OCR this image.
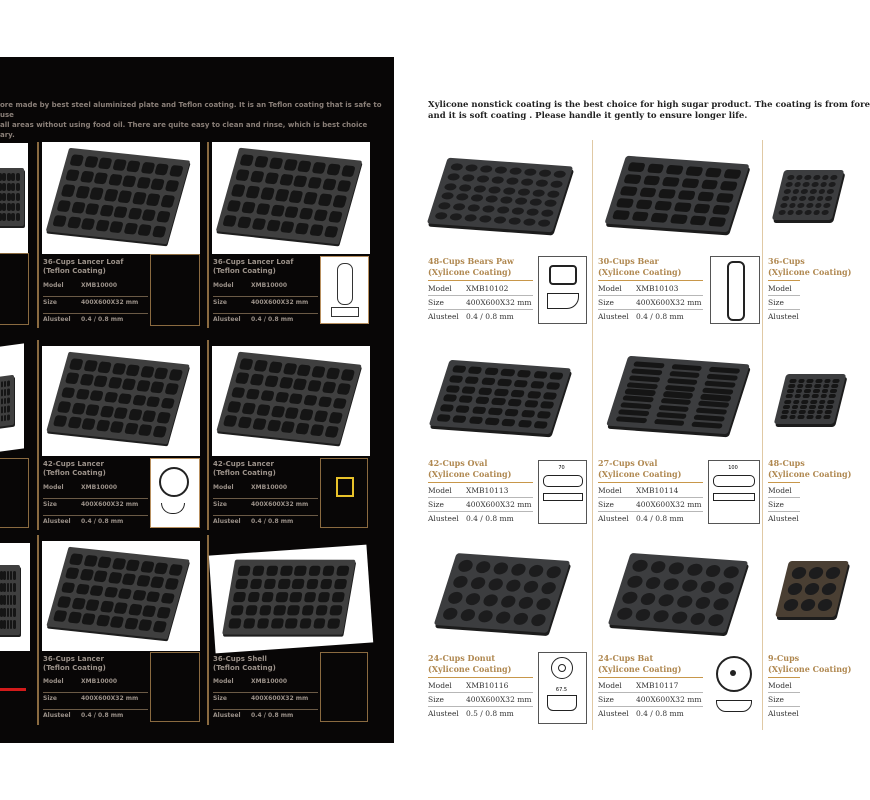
ore made by best steel aluminized plate and Teflon coating. It is an Teflon coating that is safe to use
all areas without using food oil. There are quite easy to clean and rinse, which is best choice
ary.
36-Cups Lancer Loaf
(Teflon Coating)
Model	XMB10000
Size	400X600X32 mm
Alusteel 0.4 / 0.8 mm
36-Cups Lancer Loaf
(Teflon Coating)
Model	XMB10000
Size	400X600X32 mm
Alusteel 0.4 / 0.8 mm
42-Cups Lancer
(Teflon Coating)
Model	XMB10000
Size	400X600X32 mm
Alusteel 0.4 / 0.8 mm
42-Cups Lancer
(Teflon Coating)
Model	XMB10000
Size	400X600X32 mm
Alusteel 0.4 / 0.8 mm
36-Cups Lancer
(Teflon Coating)
Model	XMB10000
Size	400X600X32 mm
Alusteel 0.4 / 0.8 mm
36-Cups Shell
(Teflon Coating)
Model	XMB10000
Size	400X600X32 mm
Alusteel 0.4 / 0.8 mm
Xylicone nonstick coating is the best choice for high sugar product. The coating is from fore
and it is soft coating . Please handle it gently to ensure longer life.
48-Cups Bears Paw
(Xylicone Coating)
Model XMB10102
Size	400X600X32 mm
Alusteel 0.4 / 0.8 mm
30-Cups Bear
(Xylicone Coating)
Model XMB10103
Size	400X600X32 mm
Alusteel 0.4 / 0.8 mm
36-Cups
(Xylicone Coating)
Model
Size
Alusteel
42-Cups Oval
(Xylicone Coating)
Model XMB10113
Size	400X600X32 mm
Alusteel 0.4 / 0.8 mm
70	27-Cups Oval
(Xylicone Coating)
Model XMB10114
Size	400X600X32 mm
Alusteel 0.4 / 0.8 mm
100	48-Cups
(Xylicone Coating)
Model
Size
Alusteel
24-Cups Donut
(Xylicone Coating)
Model XMB10116
Size	400X600X32 mm
Alusteel 0.5 / 0.8 mm
67.5
24-Cups Bat
(Xylicone Coating)
Model XMB10117
Size	400X600X32 mm
Alusteel 0.4 / 0.8 mm
9-Cups
(Xylicone Coating)
Model
Size
Alusteel
